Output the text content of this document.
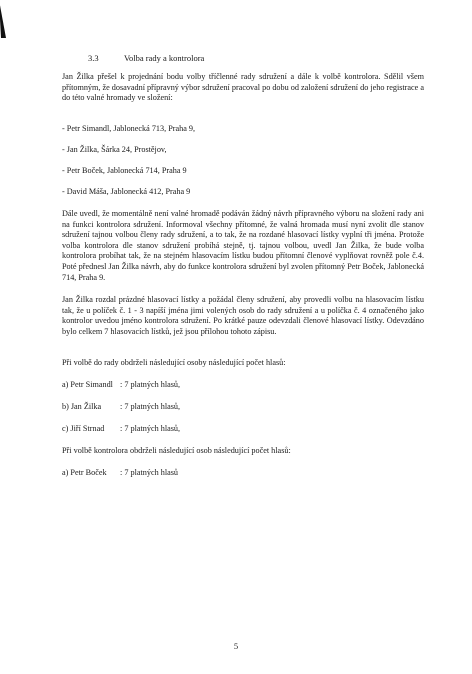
3.3	Volba rady a kontrolora

Jan Žilka přešel k projednání bodu volby tříčlenné rady sdružení a dále k volbě kontrolora. Sdělil všem přítomným, že dosavadní přípravný výbor sdružení pracoval po dobu od založení sdružení do jeho registrace a do této valné hromady ve složení:

- Petr Simandl, Jablonecká 713, Praha 9,
- Jan Žilka, Šárka 24, Prostějov,
- Petr Boček, Jablonecká 714, Praha 9
- David Máša, Jablonecká 412, Praha 9

Dále uvedl, že momentálně není valné hromadě podáván žádný návrh přípravného výboru na složení rady ani na funkci kontrolora sdružení. Informoval všechny přítomné, že valná hromada musí nyní zvolit dle stanov sdružení tajnou volbou členy rady sdružení, a to tak, že na rozdané hlasovací lístky vyplní tři jména. Protože volba kontrolora dle stanov sdružení probíhá stejně, tj. tajnou volbou, uvedl Jan Žilka, že bude volba kontrolora probíhat tak, že na stejném hlasovacím lístku budou přítomní členové vyplňovat rovněž pole č.4. Poté přednesl Jan Žilka návrh, aby do funkce kontrolora sdružení byl zvolen přítomný Petr Boček, Jablonecká 714, Praha 9.

Jan Žilka rozdal prázdné hlasovací lístky a požádal členy sdružení, aby provedli volbu na hlasovacím lístku tak, že u políček č. 1 - 3 napíší jména jimi volených osob do rady sdružení a u políčka č. 4 označeného jako kontrolor uvedou jméno kontrolora sdružení. Po krátké pauze odevzdali členové hlasovací lístky. Odevzdáno bylo celkem 7 hlasovacích lístků, jež jsou přílohou tohoto zápisu.

Při volbě do rady obdrželi následující osoby následující počet hlasů:
a) Petr Simandl : 7 platných hlasů,
b) Jan Žilka : 7 platných hlasů,
c) Jiří Strnad : 7 platných hlasů,
Při volbě kontrolora obdrželi následující osob následující počet hlasů:
a) Petr Boček : 7 platných hlasů
5
